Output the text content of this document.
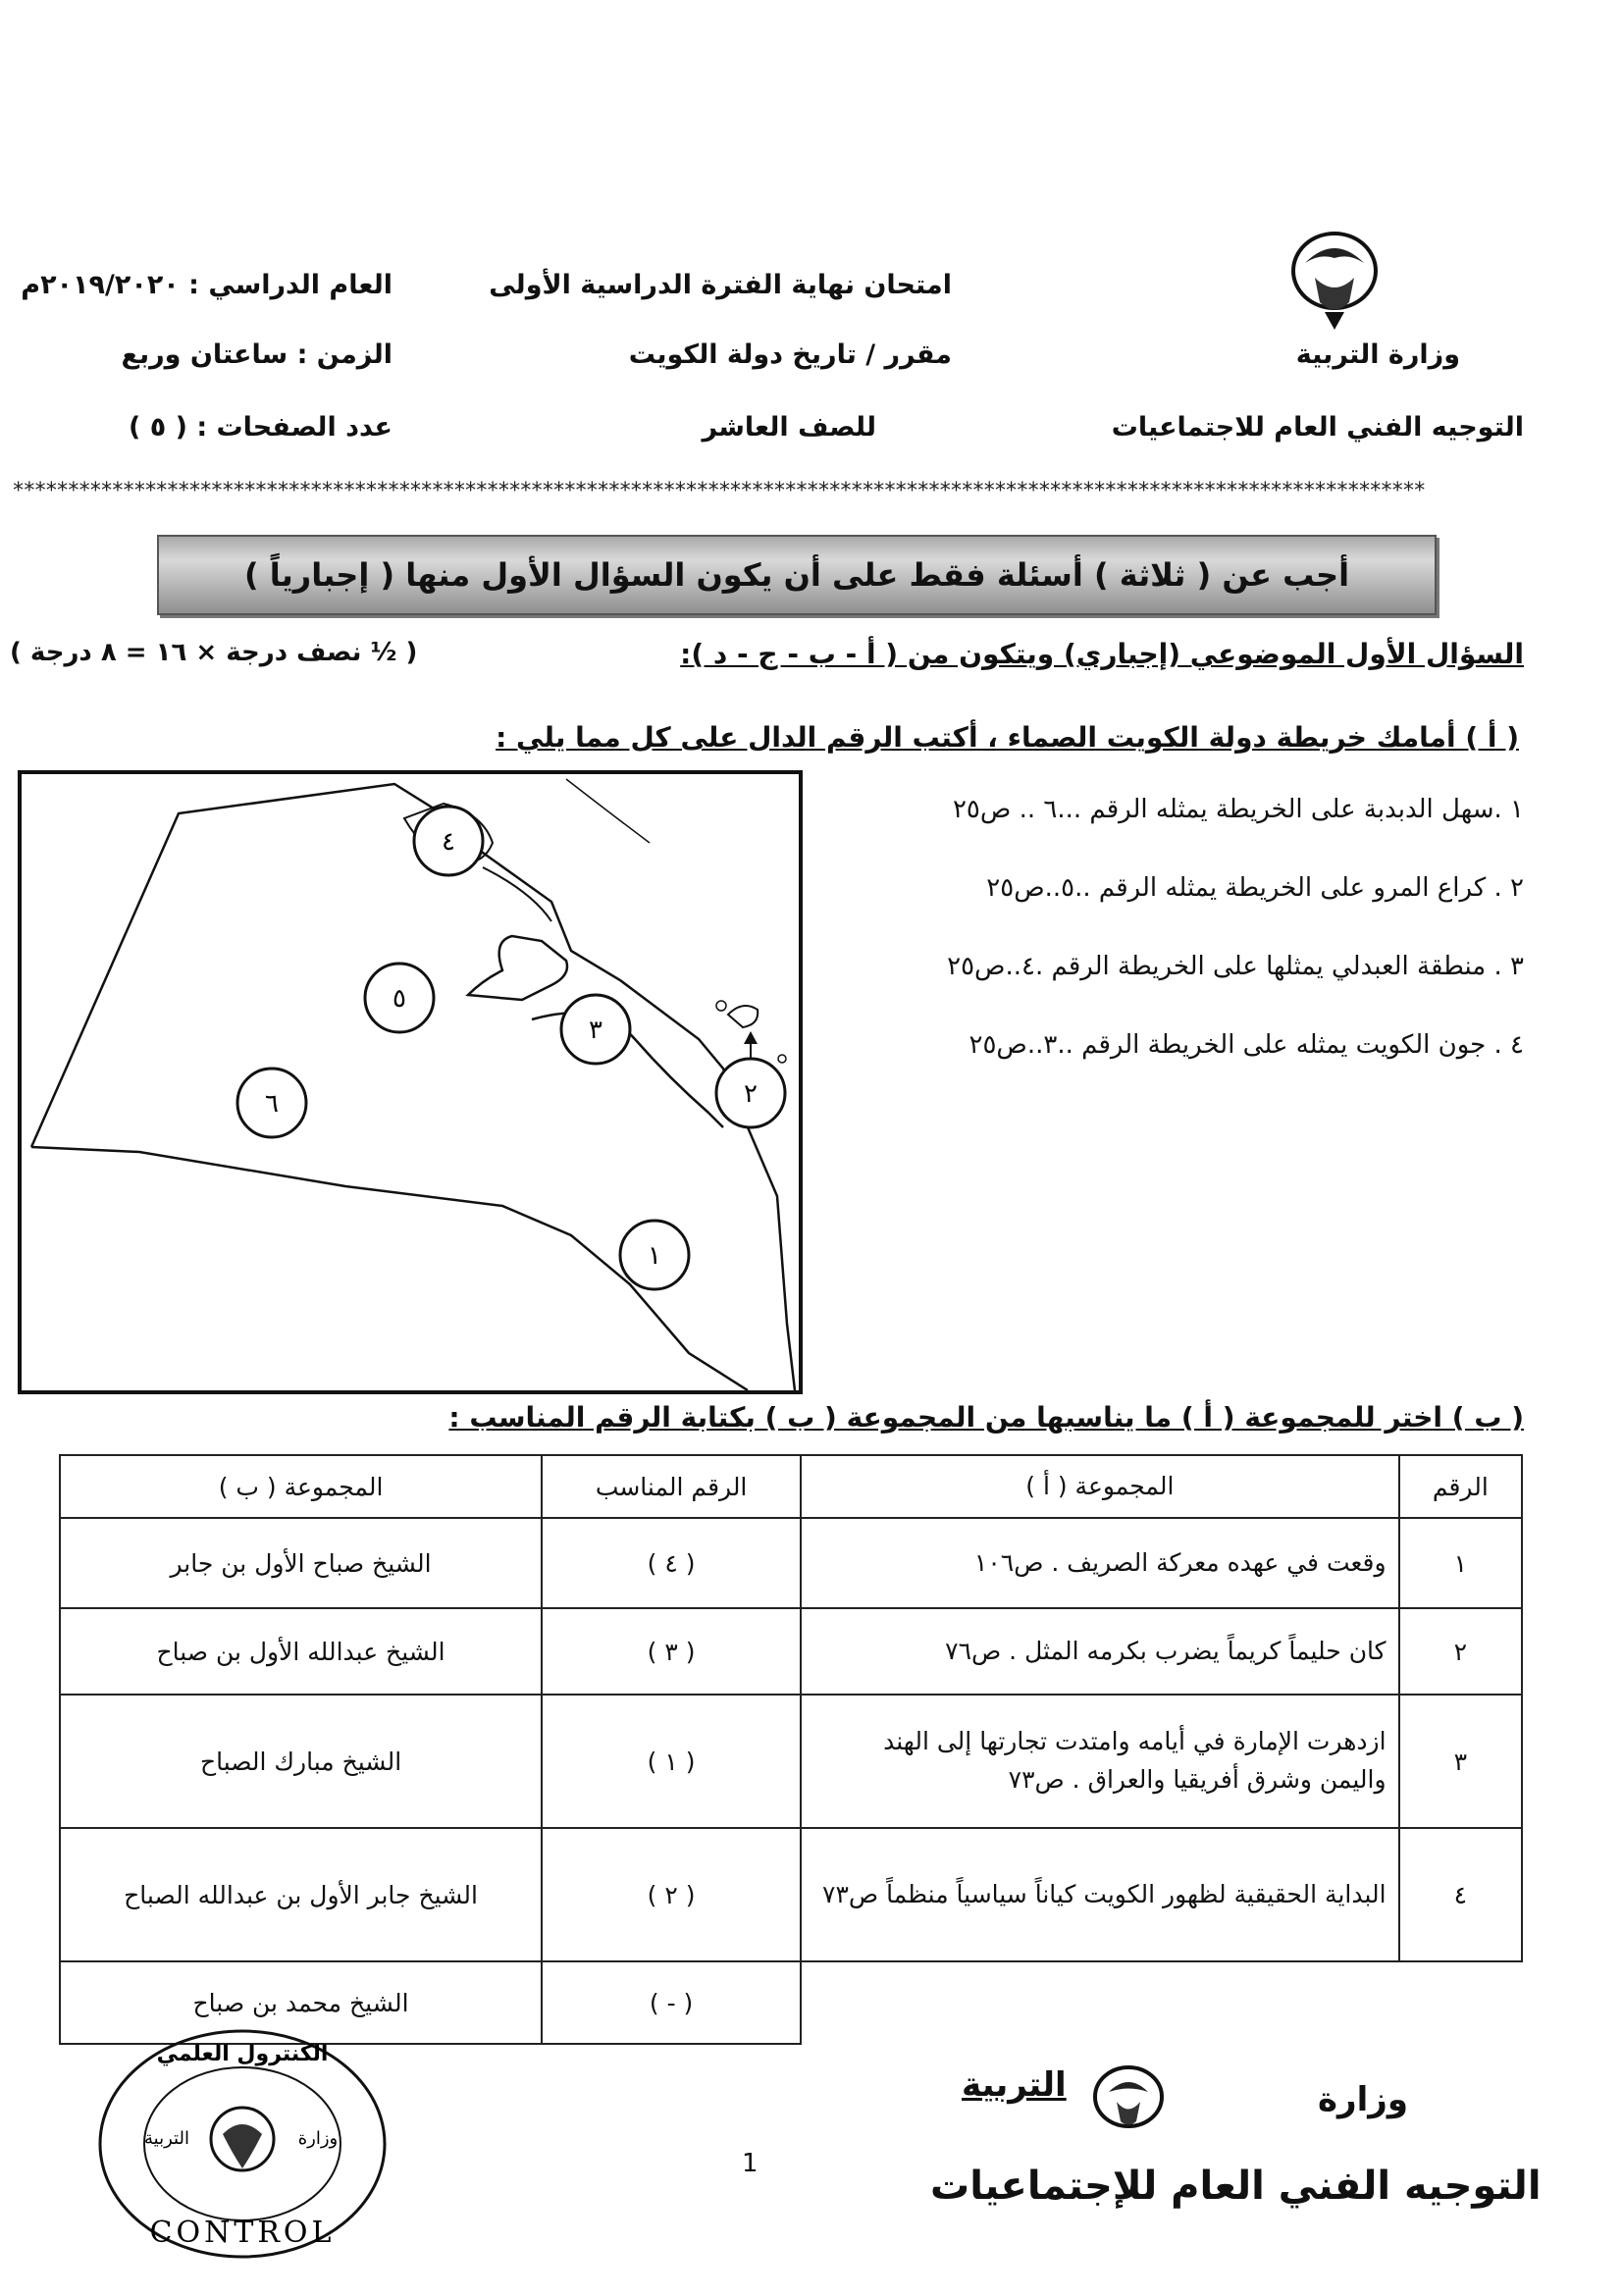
وزارة التربية
التوجيه الفني العام للاجتماعيات
امتحان نهاية الفترة الدراسية الأولى
مقرر / تاريخ دولة الكويت
للصف العاشر
العام الدراسي : ٢٠١٩/٢٠٢٠م
الزمن : ساعتان وربع
عدد الصفحات : ( ٥ )
********************************************************************************************************************************
أجب عن ( ثلاثة ) أسئلة فقط على أن يكون السؤال الأول منها ( إجبارياً )
السؤال الأول الموضوعي (إجباري) ويتكون من ( أ - ب - ج - د ):
( ½ نصف درجة × ١٦ = ٨ درجة )
( أ ) أمامك خريطة دولة الكويت الصماء ، أكتب الرقم الدال على كل مما يلي :
٤
٥
٦
٣
٢
١
١ .سهل الدبدبة على الخريطة يمثله الرقم ...٦ .. ص٢٥
٢ . كراع المرو على الخريطة يمثله الرقم ..٥..ص٢٥
٣ . منطقة العبدلي يمثلها على الخريطة الرقم .٤..ص٢٥
٤ . جون الكويت يمثله على الخريطة الرقم ..٣..ص٢٥
( ب ) اختر للمجموعة ( أ ) ما يناسبها من المجموعة ( ب ) بكتابة الرقم المناسب :
الرقم	المجموعة ( أ )	الرقم المناسب	المجموعة ( ب )
١	وقعت في عهده معركة الصريف . ص١٠٦	( ٤ )	الشيخ صباح الأول بن جابر
٢	كان حليماً كريماً يضرب بكرمه المثل . ص٧٦	( ٣ )	الشيخ عبدالله الأول بن صباح
٣	ازدهرت الإمارة في أيامه وامتدت تجارتها إلى الهند واليمن وشرق أفريقيا والعراق . ص٧٣	( ١ )	الشيخ مبارك الصباح
٤	البداية الحقيقية لظهور الكويت كياناً سياسياً منظماً ص٧٣	( ٢ )	الشيخ جابر الأول بن عبدالله الصباح
		( - )	الشيخ محمد بن صباح
الكنترول العلمي
وزارة
التربية
CONTROL
1
وزارة
التربية
التوجيه الفني العام للإجتماعيات
